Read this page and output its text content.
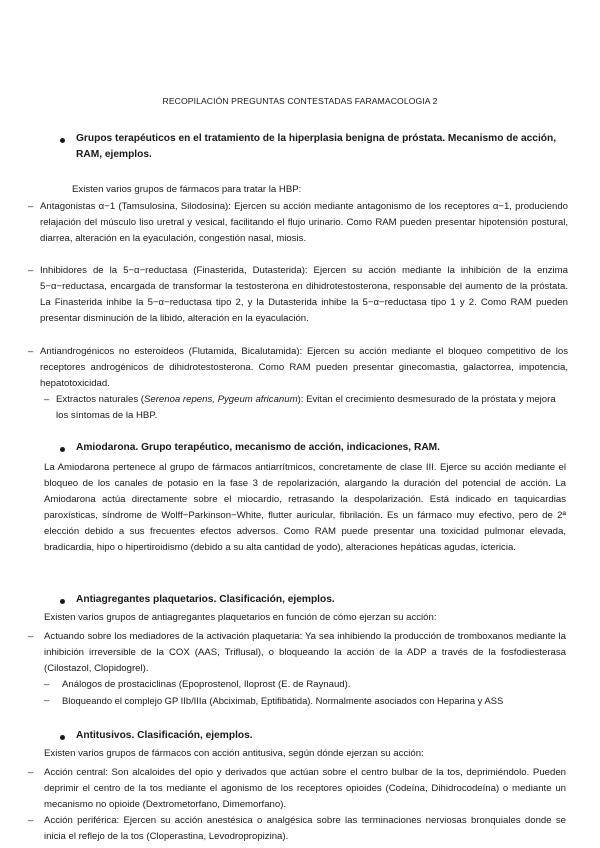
RECOPILACIÓN PREGUNTAS CONTESTADAS FARAMACOLOGIA 2
Grupos terapéuticos en el tratamiento de la hiperplasia benigna de próstata. Mecanismo de acción, RAM, ejemplos.
Existen varios grupos de fármacos para tratar la HBP:
– Antagonistas α−1 (Tamsulosina, Silodosina): Ejercen su acción mediante antagonismo de los receptores α−1, produciendo relajación del músculo liso uretral y vesical, facilitando el flujo urinario. Como RAM pueden presentar hipotensión postural, diarrea, alteración en la eyaculación, congestión nasal, miosis.
– Inhibidores de la 5−α−reductasa (Finasterida, Dutasterida): Ejercen su acción mediante la inhibición de la enzima 5−α−reductasa, encargada de transformar la testosterona en dihidrotestosterona, responsable del aumento de la próstata. La Finasterida inhibe la 5−α−reductasa tipo 2, y la Dutasterida inhibe la 5−α−reductasa tipo 1 y 2. Como RAM pueden presentar disminución de la libido, alteración en la eyaculación.
– Antiandrogénicos no esteroideos (Flutamida, Bicalutamida): Ejercen su acción mediante el bloqueo competitivo de los receptores androgénicos de dihidrotestosterona. Como RAM pueden presentar ginecomastia, galactorrea, impotencia, hepatotoxicidad.
– Extractos naturales (Serenoa repens, Pygeum africanum): Evitan el crecimiento desmesurado de la próstata y mejora los síntomas de la HBP.
Amiodarona. Grupo terapéutico, mecanismo de acción, indicaciones, RAM.
La Amiodarona pertenece al grupo de fármacos antiarrítmicos, concretamente de clase III. Ejerce su acción mediante el bloqueo de los canales de potasio en la fase 3 de repolarización, alargando la duración del potencial de acción. La Amiodarona actúa directamente sobre el miocardio, retrasando la despolarización. Está indicado en taquicardias paroxísticas, síndrome de Wolff−Parkinson−White, flutter auricular, fibrilación. Es un fármaco muy efectivo, pero de 2ª elección debido a sus frecuentes efectos adversos. Como RAM puede presentar una toxicidad pulmonar elevada, bradicardia, hipo o hipertiroidismo (debido a su alta cantidad de yodo), alteraciones hepáticas agudas, ictericia.
Antiagregantes plaquetarios. Clasificación, ejemplos.
Existen varios grupos de antiagregantes plaquetarios en función de cómo ejerzan su acción:
– Actuando sobre los mediadores de la activación plaquetaria: Ya sea inhibiendo la producción de tromboxanos mediante la inhibición irreversible de la COX (AAS, Triflusal), o bloqueando la acción de la ADP a través de la fosfodiesterasa (Cilostazol, Clopidogrel).
– Análogos de prostaciclinas (Epoprostenol, Iloprost (E. de Raynaud).
– Bloqueando el complejo GP IIb/IIIa (Abciximab, Eptifibátida). Normalmente asociados con Heparina y ASS
Antitusivos. Clasificación, ejemplos.
Existen varios grupos de fármacos con acción antitusiva, según dónde ejerzan su acción:
– Acción central: Son alcaloides del opio y derivados que actúan sobre el centro bulbar de la tos, deprimiéndolo. Pueden deprimir el centro de la tos mediante el agonismo de los receptores opioides (Codeína, Dihidrocodeína) o mediante un mecanismo no opioide (Dextrometorfano, Dimemorfano).
– Acción periférica: Ejercen su acción anestésica o analgésica sobre las terminaciones nerviosas bronquiales donde se inicia el reflejo de la tos (Cloperastina, Levodropropizina).
